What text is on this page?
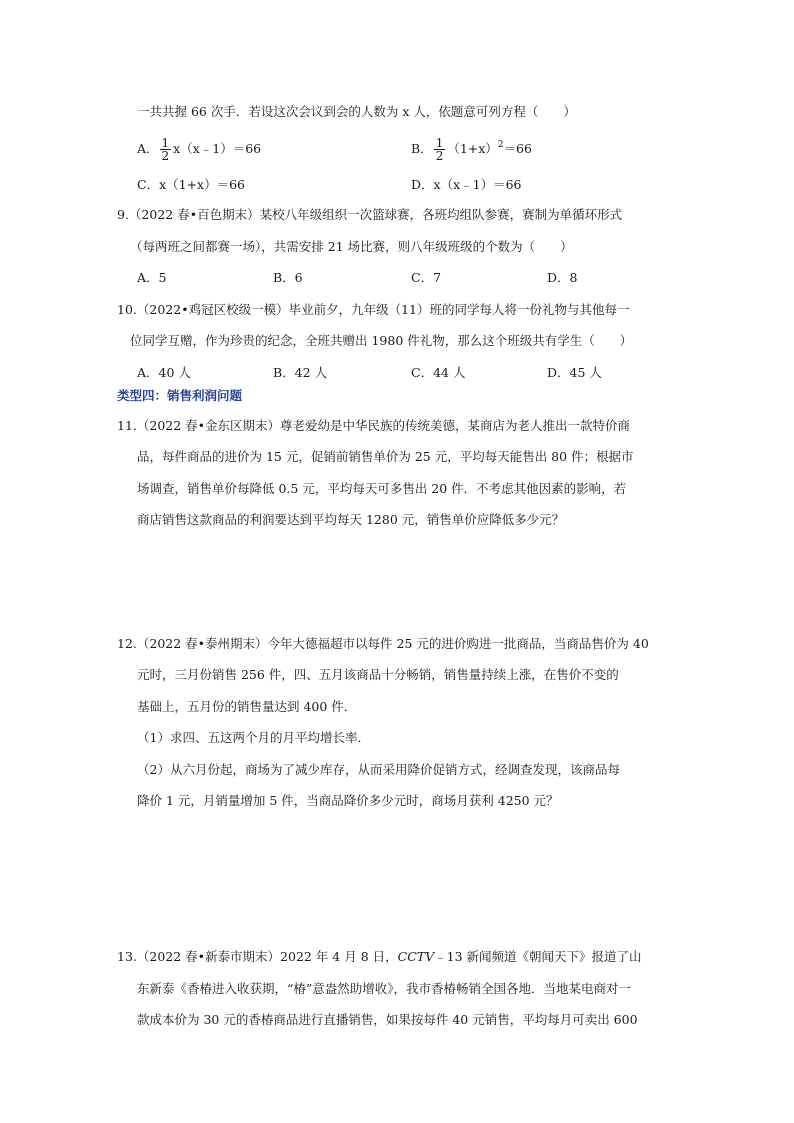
一共共握 66 次手．若设这次会议到会的人数为 x 人，依题意可列方程（　　）
A． $\frac{1}{2}$ x（x﹣1）＝66	B． $\frac{1}{2} (1+x)^2=66$
C．x（1+x）＝66	D．x（x﹣1）＝66
9.（2022 春•百色期末）某校八年级组织一次篮球赛，各班均组队参赛，赛制为单循环形式
（每两班之间都赛一场），共需安排 21 场比赛，则八年级班级的个数为（　　）
A．5	B．6	C．7	D．8
10.（2022•鸡冠区校级一模）毕业前夕，九年级（11）班的同学每人将一份礼物与其他每一
位同学互赠，作为珍贵的纪念，全班共赠出 1980 件礼物，那么这个班级共有学生（　　）
A．40 人	B．42 人	C．44 人	D．45 人
类型四：销售利润问题
11.（2022 春•金东区期末）尊老爱幼是中华民族的传统美德，某商店为老人推出一款特价商
品，每件商品的进价为 15 元，促销前销售单价为 25 元，平均每天能售出 80 件；根据市
场调查，销售单价每降低 0.5 元，平均每天可多售出 20 件．不考虑其他因素的影响，若
商店销售这款商品的利润要达到平均每天 1280 元，销售单价应降低多少元？
12.（2022 春•泰州期末）今年大德福超市以每件 25 元的进价购进一批商品，当商品售价为 40
元时，三月份销售 256 件，四、五月该商品十分畅销，销售量持续上涨，在售价不变的
基础上，五月份的销售量达到 400 件．
（1）求四、五这两个月的月平均增长率．
（2）从六月份起，商场为了减少库存，从而采用降价促销方式，经调查发现，该商品每
降价 1 元，月销量增加 5 件，当商品降价多少元时，商场月获利 4250 元？
13.（2022 春•新泰市期末）2022 年 4 月 8 日，CCTV﹣13 新闻频道《朝闻天下》报道了山
东新泰《香椿进入收获期，“椿”意盎然助增收》，我市香椿畅销全国各地．当地某电商对一
款成本价为 30 元的香椿商品进行直播销售，如果按每件 40 元销售，平均每月可卖出 600
